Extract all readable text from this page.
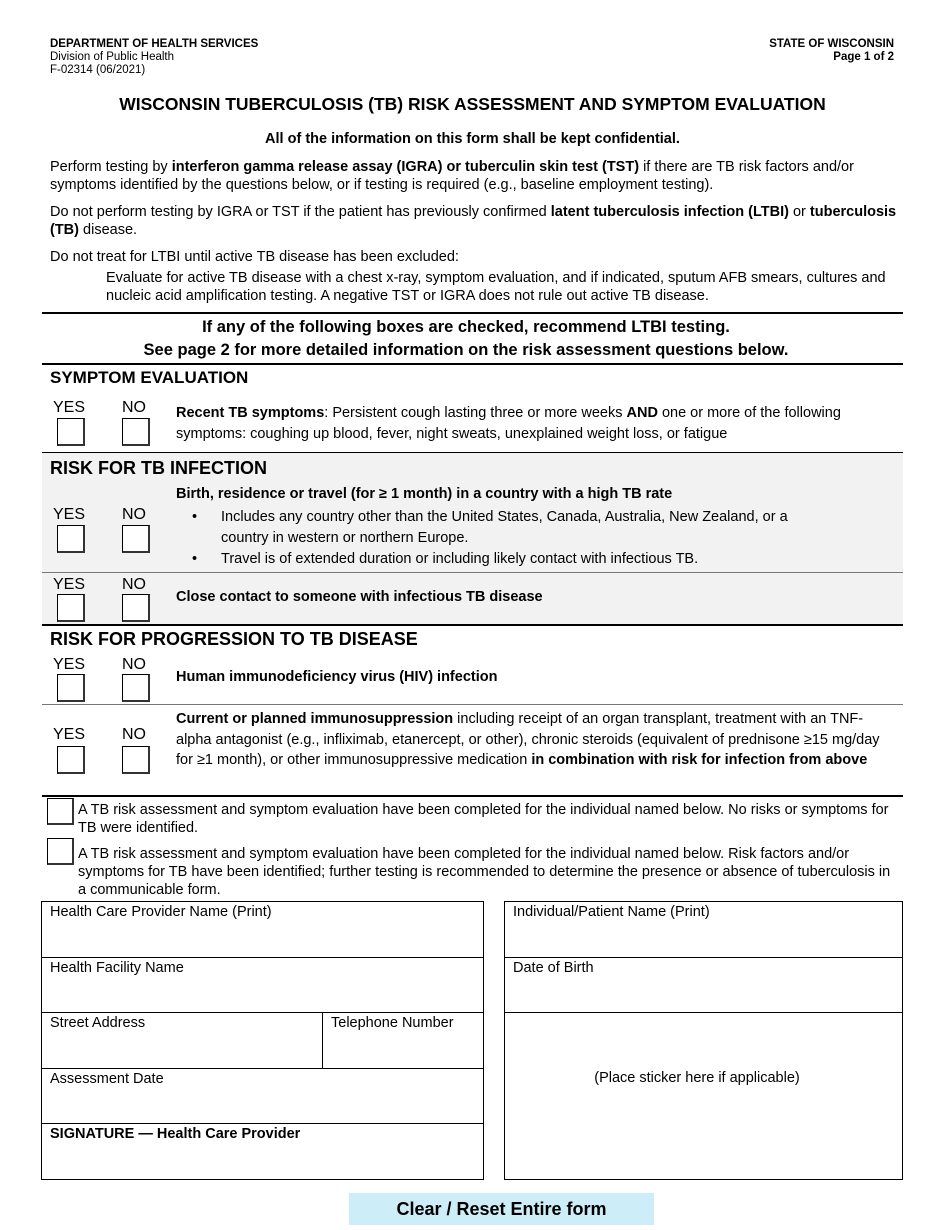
DEPARTMENT OF HEALTH SERVICES
Division of Public Health
F-02314 (06/2021)
STATE OF WISCONSIN
Page 1 of 2
WISCONSIN TUBERCULOSIS (TB) RISK ASSESSMENT AND SYMPTOM EVALUATION
All of the information on this form shall be kept confidential.
Perform testing by interferon gamma release assay (IGRA) or tuberculin skin test (TST) if there are TB risk factors and/or symptoms identified by the questions below, or if testing is required (e.g., baseline employment testing).
Do not perform testing by IGRA or TST if the patient has previously confirmed latent tuberculosis infection (LTBI) or tuberculosis (TB) disease.
Do not treat for LTBI until active TB disease has been excluded:
Evaluate for active TB disease with a chest x-ray, symptom evaluation, and if indicated, sputum AFB smears, cultures and nucleic acid amplification testing. A negative TST or IGRA does not rule out active TB disease.
If any of the following boxes are checked, recommend LTBI testing.
See page 2 for more detailed information on the risk assessment questions below.
SYMPTOM EVALUATION
YES NO Recent TB symptoms: Persistent cough lasting three or more weeks AND one or more of the following symptoms: coughing up blood, fever, night sweats, unexplained weight loss, or fatigue
RISK FOR TB INFECTION
Birth, residence or travel (for ≥ 1 month) in a country with a high TB rate
YES NO
•	Includes any country other than the United States, Canada, Australia, New Zealand, or a country in western or northern Europe.
• Travel is of extended duration or including likely contact with infectious TB.
YES NO
Close contact to someone with infectious TB disease
RISK FOR PROGRESSION TO TB DISEASE
YES NO
Human immunodeficiency virus (HIV) infection
YES NO
Current or planned immunosuppression including receipt of an organ transplant, treatment with an TNF-alpha antagonist (e.g., infliximab, etanercept, or other), chronic steroids (equivalent of prednisone ≥15 mg/day for ≥1 month), or other immunosuppressive medication in combination with risk for infection from above
A TB risk assessment and symptom evaluation have been completed for the individual named below. No risks or symptoms for TB were identified.
A TB risk assessment and symptom evaluation have been completed for the individual named below. Risk factors and/or symptoms for TB have been identified; further testing is recommended to determine the presence or absence of tuberculosis in a communicable form.
Health Care Provider Name (Print)
Health Facility Name
Street Address	Telephone Number
Assessment Date
SIGNATURE — Health Care Provider
Individual/Patient Name (Print)
Date of Birth
(Place sticker here if applicable)
Clear / Reset Entire form
